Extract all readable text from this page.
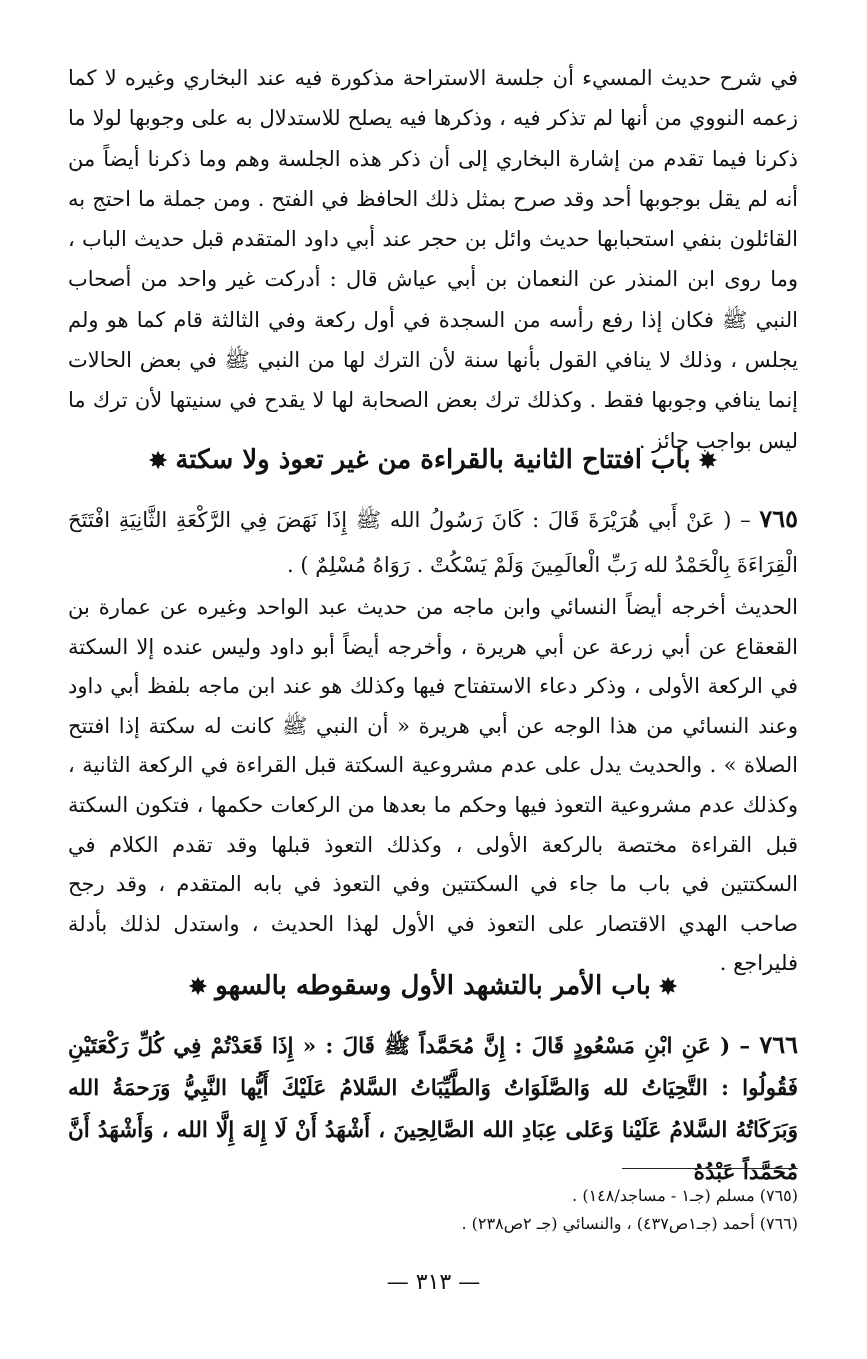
في شرح حديث المسيء أن جلسة الاستراحة مذكورة فيه عند البخاري وغيره لا كما زعمه النووي من أنها لم تذكر فيه ، وذكرها فيه يصلح للاستدلال به على وجوبها لولا ما ذكرنا فيما تقدم من إشارة البخاري إلى أن ذكر هذه الجلسة وهم وما ذكرنا أيضاً من أنه لم يقل بوجوبها أحد وقد صرح بمثل ذلك الحافظ في الفتح . ومن جملة ما احتج به القائلون بنفي استحبابها حديث وائل بن حجر عند أبي داود المتقدم قبل حديث الباب ، وما روى ابن المنذر عن النعمان بن أبي عياش قال : أدركت غير واحد من أصحاب النبي ﷺ فكان إذا رفع رأسه من السجدة في أول ركعة وفي الثالثة قام كما هو ولم يجلس ، وذلك لا ينافي القول بأنها سنة لأن الترك لها من النبي ﷺ في بعض الحالات إنما ينافي وجوبها فقط . وكذلك ترك بعض الصحابة لها لا يقدح في سنيتها لأن ترك ما ليس بواجب جائز .

✸باب افتتاح الثانية بالقراءة من غير تعوذ ولا سكتة✸

٧٦٥ – ( عَنْ أَبي هُرَيْرَةَ قَالَ : كَانَ رَسُولُ الله ﷺ إِذَا نَهَضَ فِي الرَّكْعَةِ الثَّانِيَةِ افْتَتَحَ الْقِرَاءَةَ بِالْحَمْدُ لله رَبِّ الْعالَمِينَ وَلَمْ يَسْكُتْ . رَوَاهُ مُسْلِمٌ ) .

الحديث أخرجه أيضاً النسائي وابن ماجه من حديث عبد الواحد وغيره عن عمارة بن القعقاع عن أبي زرعة عن أبي هريرة ، وأخرجه أيضاً أبو داود وليس عنده إلا السكتة في الركعة الأولى ، وذكر دعاء الاستفتاح فيها وكذلك هو عند ابن ماجه بلفظ أبي داود وعند النسائي من هذا الوجه عن أبي هريرة « أن النبي ﷺ كانت له سكتة إذا افتتح الصلاة » . والحديث يدل على عدم مشروعية السكتة قبل القراءة في الركعة الثانية ، وكذلك عدم مشروعية التعوذ فيها وحكم ما بعدها من الركعات حكمها ، فتكون السكتة قبل القراءة مختصة بالركعة الأولى ، وكذلك التعوذ قبلها وقد تقدم الكلام في السكتتين في باب ما جاء في السكتتين وفي التعوذ في بابه المتقدم ، وقد رجح صاحب الهدي الاقتصار على التعوذ في الأول لهذا الحديث ، واستدل لذلك بأدلة فليراجع .

✸باب الأمر بالتشهد الأول وسقوطه بالسهو✸

٧٦٦ – ( عَنِ ابْنِ مَسْعُودٍ قَالَ : إِنَّ مُحَمَّداً ﷺ قَالَ : « إِذَا قَعَدْتُمْ فِي كُلِّ رَكْعَتَيْنِ فَقُولُوا : التَّحِيَاتُ لله وَالصَّلَوَاتُ وَالطَّيِّبَاتُ السَّلامُ عَلَيْكَ أَيُّها النَّبِيُّ وَرَحمَةُ الله وَبَرَكَاتُهُ السَّلامُ عَلَيْنا وَعَلى عِبَادِ الله الصَّالِحِينَ ، أَشْهَدُ أَنْ لَا إِلهَ إِلَّا الله ، وَأَشْهَدُ أَنَّ مُحَمَّداً عَبْدُهُ

(٧٦٥) مسلم (جـ١ - مساجد/١٤٨) .

(٧٦٦) أحمد (جـ١ص٤٣٧) ، والنسائي (جـ ٢ص٢٣٨) .

— ٣١٣ —
